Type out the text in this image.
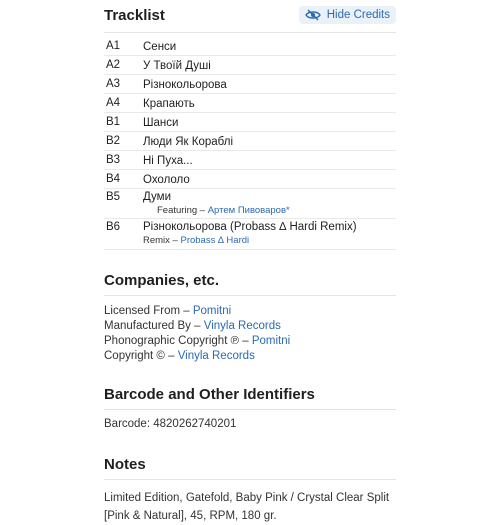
Tracklist	Hide Credits
A1	Сенси
A2	У Твоїй Душі
A3	Різнокольорова
A4	Крапають
B1	Шанси
B2	Люди Як Кораблі
B3	Ні Пуха...
B4	Охололо
B5	Думи
Featuring – Артем Пивоваров*
B6	Різнокольорова (Probass ∆ Hardi Remix)
Remix – Probass ∆ Hardi
Companies, etc.
Licensed From – Pomitni
Manufactured By – Vinyla Records
Phonographic Copyright ℗ – Pomitni
Copyright © – Vinyla Records
Barcode and Other Identifiers
Barcode: 4820262740201
Notes
Limited Edition, Gatefold, Baby Pink / Crystal Clear Split [Pink & Natural], 45, RPM, 180 gr.
